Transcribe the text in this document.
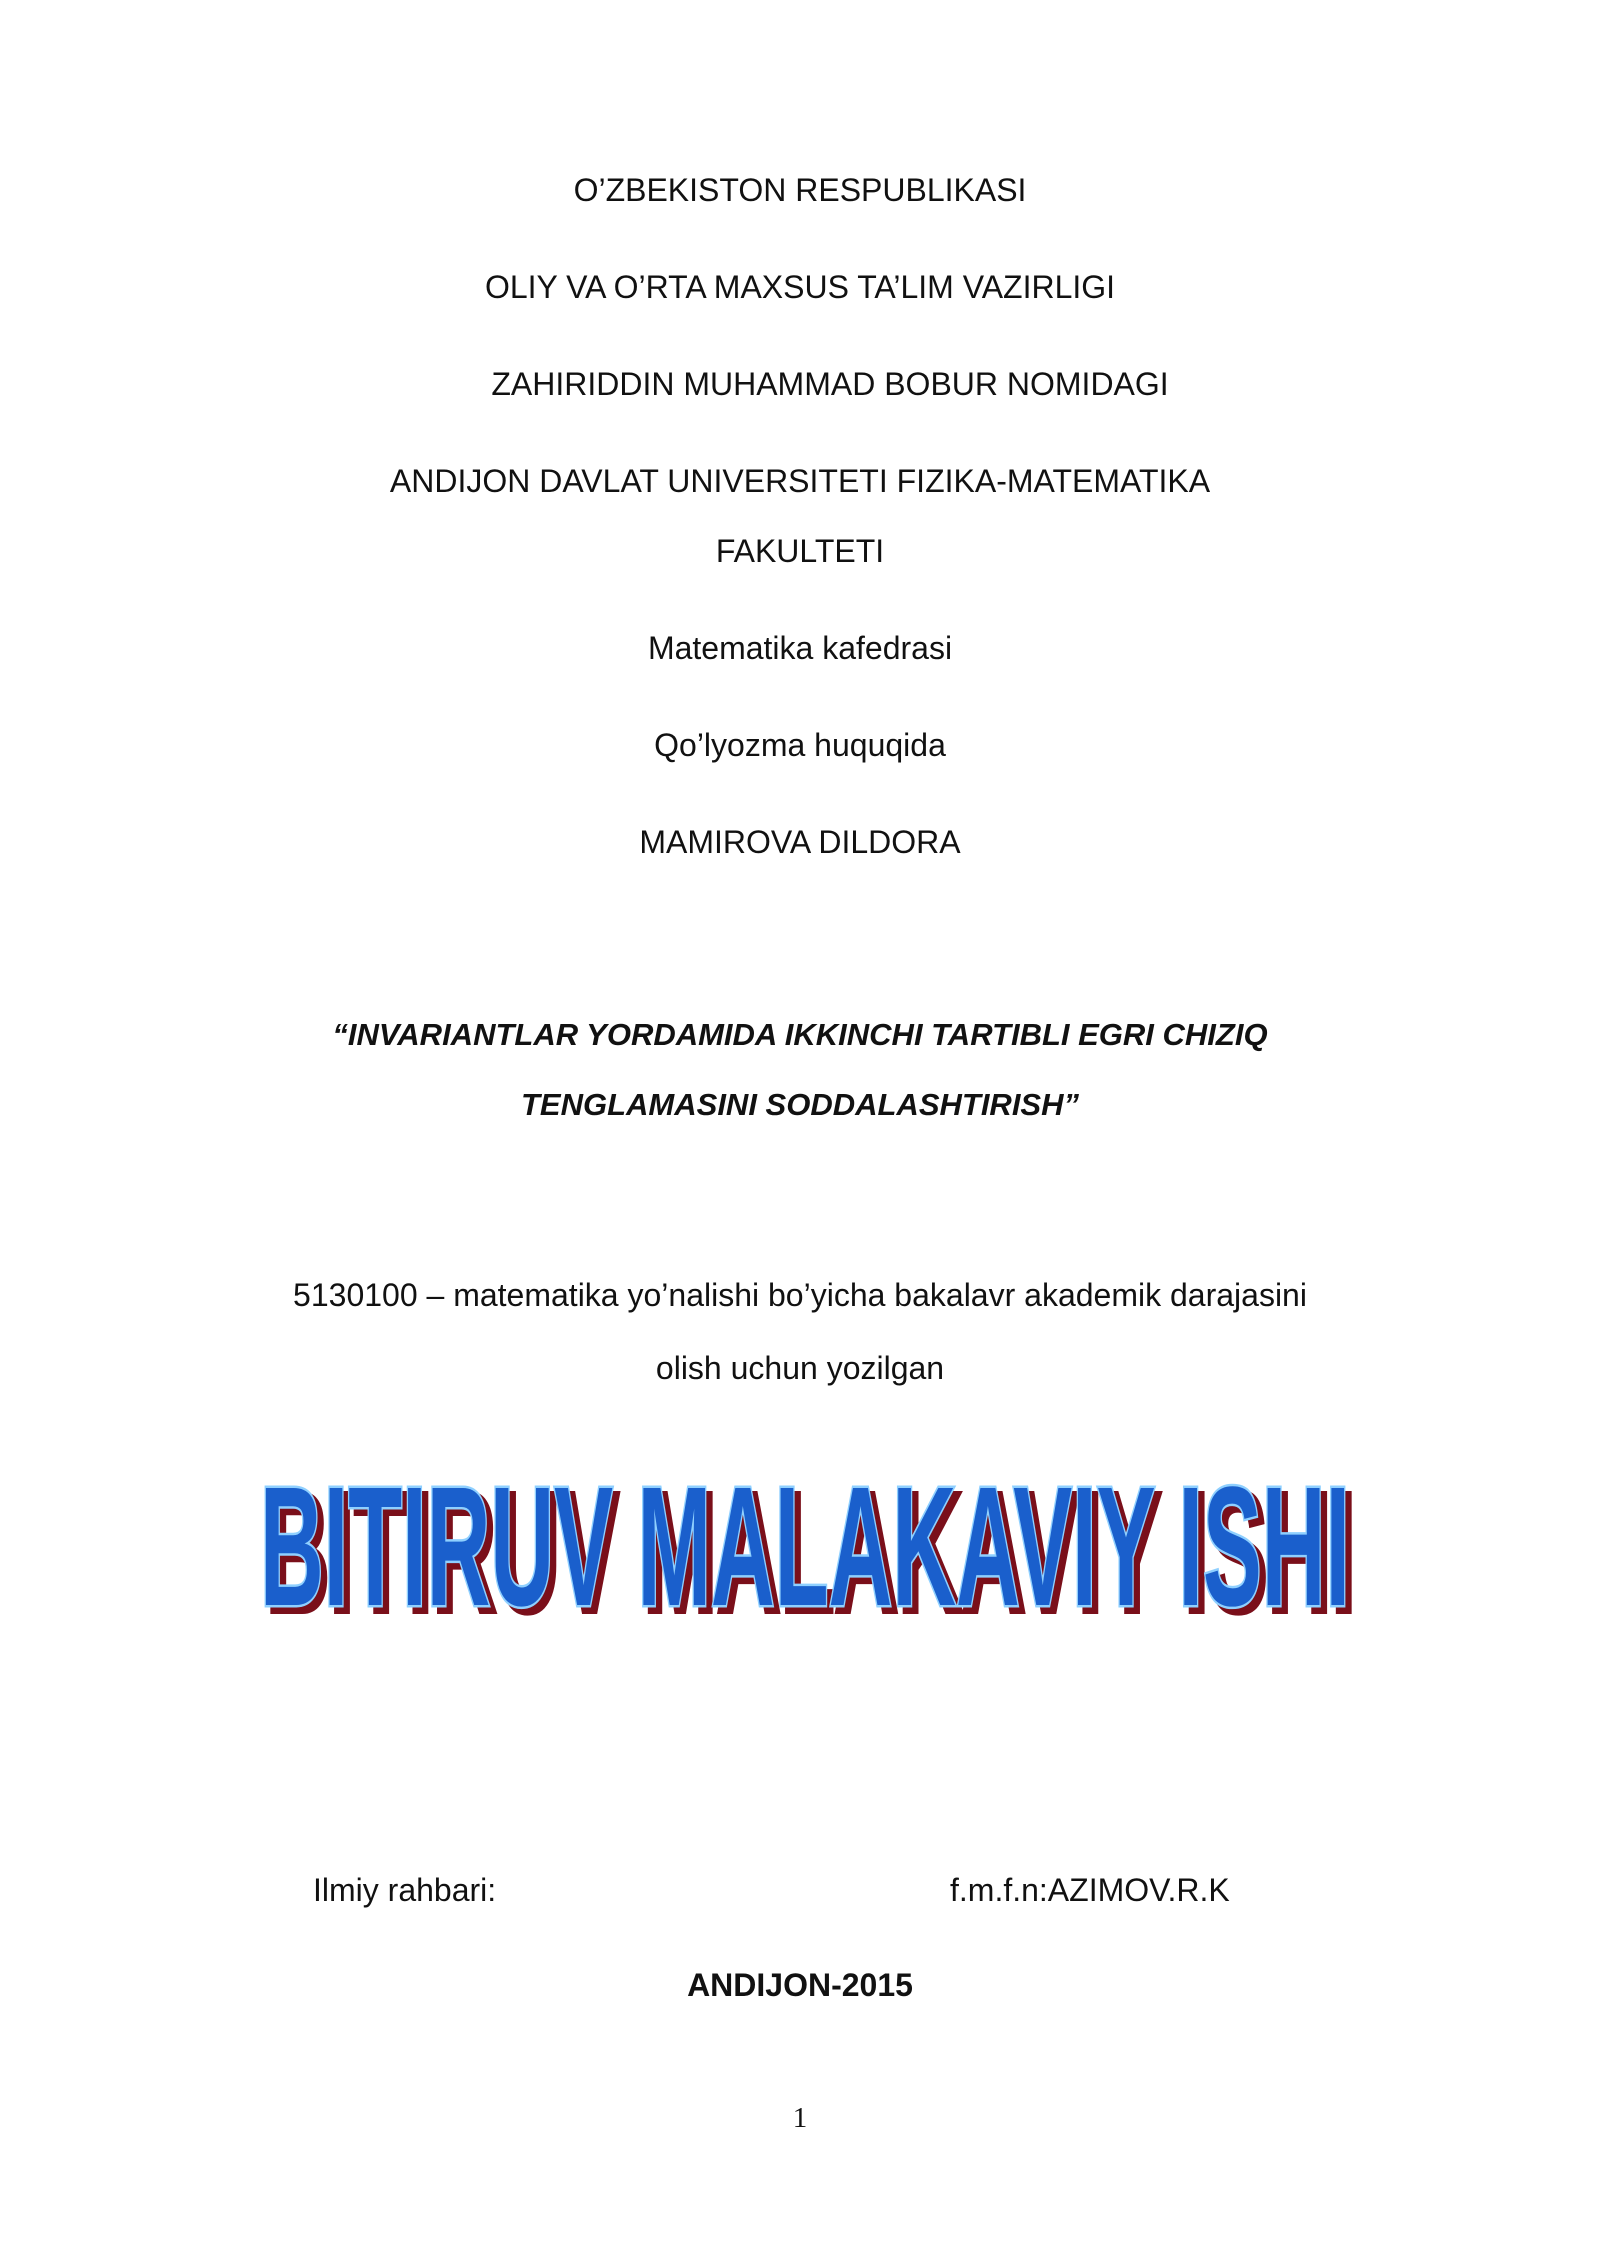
O’ZBEKISTON RESPUBLIKASI
OLIY VA O’RTA MAXSUS TA’LIM VAZIRLIGI
ZAHIRIDDIN MUHAMMAD BOBUR NOMIDAGI
ANDIJON DAVLAT UNIVERSITETI FIZIKA-MATEMATIKA
FAKULTETI
Matematika kafedrasi
Qo’lyozma huquqida
MAMIROVA DILDORA
“INVARIANTLAR YORDAMIDA IKKINCHI TARTIBLI EGRI CHIZIQ
TENGLAMASINI SODDALASHTIRISH”
5130100 – matematika yo’nalishi bo’yicha bakalavr akademik darajasini
olish uchun yozilgan
BITIRUV MALAKAVIY ISHI
BITIRUV MALAKAVIY ISHI
Ilmiy rahbari:	f.m.f.n:AZIMOV.R.K
ANDIJON-2015
1
